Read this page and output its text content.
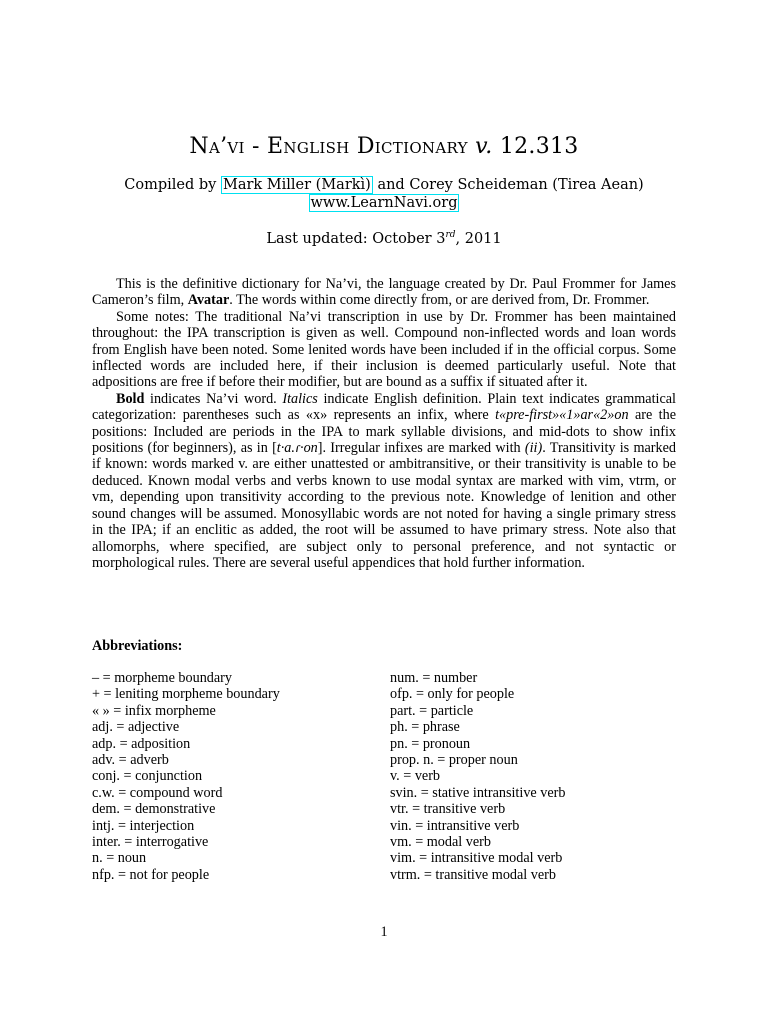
Na’vi - English Dictionary v. 12.313
Compiled by Mark Miller (Markì) and Corey Scheideman (Tirea Aean)
www.LearnNavi.org
Last updated: October 3rd, 2011

This is the definitive dictionary for Na’vi, the language created by Dr. Paul Frommer for James Cameron’s film, Avatar. The words within come directly from, or are derived from, Dr. Frommer.

Some notes: The traditional Na’vi transcription in use by Dr. Frommer has been maintained throughout: the IPA transcription is given as well. Compound non-inflected words and loan words from English have been noted. Some lenited words have been included if in the official corpus. Some inflected words are included here, if their inclusion is deemed particularly useful. Note that adpositions are free if before their modifier, but are bound as a suffix if situated after it.

Bold indicates Na’vi word. Italics indicate English definition. Plain text indicates grammatical categorization: parentheses such as «x» represents an infix, where t«pre-first»«1»ar«2»on are the positions: Included are periods in the IPA to mark syllable divisions, and mid-dots to show infix positions (for beginners), as in [t·a.ɾ·on]. Irregular infixes are marked with (ii). Transitivity is marked if known: words marked v. are either unattested or ambitransitive, or their transitivity is unable to be deduced. Known modal verbs and verbs known to use modal syntax are marked with vim, vtrm, or vm, depending upon transitivity according to the previous note. Knowledge of lenition and other sound changes will be assumed. Monosyllabic words are not noted for having a single primary stress in the IPA; if an enclitic as added, the root will be assumed to have primary stress. Note also that allomorphs, where specified, are subject only to personal preference, and not syntactic or morphological rules. There are several useful appendices that hold further information.

Abbreviations:
– = morpheme boundary
+ = leniting morpheme boundary
« » = infix morpheme
adj. = adjective
adp. = adposition
adv. = adverb
conj. = conjunction
c.w. = compound word
dem. = demonstrative
intj. = interjection
inter. = interrogative
n. = noun
nfp. = not for people
num. = number
ofp. = only for people
part. = particle
ph. = phrase
pn. = pronoun
prop. n. = proper noun
v. = verb
svin. = stative intransitive verb
vtr. = transitive verb
vin. = intransitive verb
vm. = modal verb
vim. = intransitive modal verb
vtrm. = transitive modal verb
1
